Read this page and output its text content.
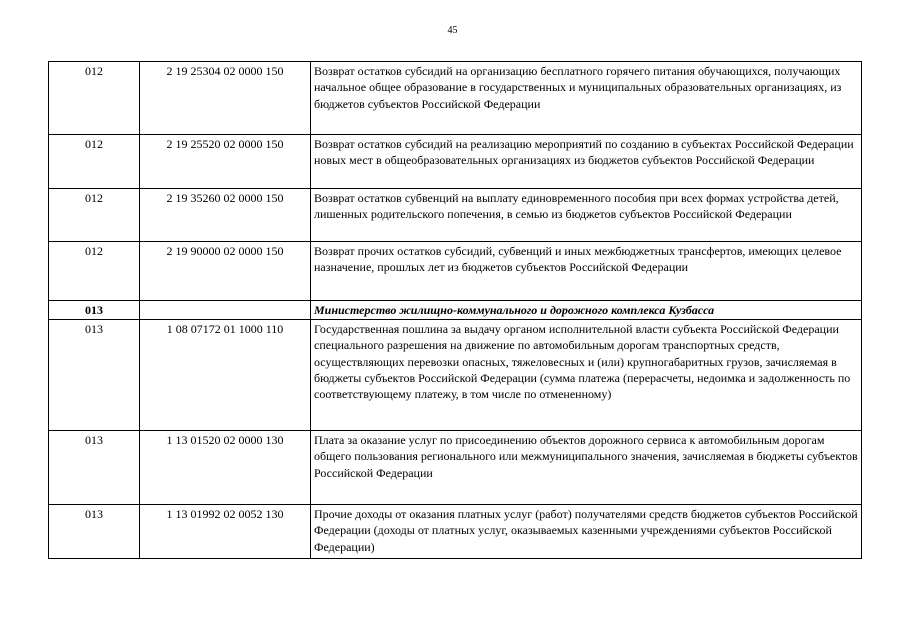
45
012	2 19 25304 02 0000 150	Возврат остатков субсидий на организацию бесплатного горячего питания обучающихся, получающих начальное общее образование в государственных и муниципальных образовательных организациях, из бюджетов субъектов Российской Федерации
012	2 19 25520 02 0000 150	Возврат остатков субсидий на реализацию мероприятий по созданию в субъектах Российской Федерации новых мест в общеобразовательных организациях из бюджетов субъектов Российской Федерации
012	2 19 35260 02 0000 150	Возврат остатков субвенций на выплату единовременного пособия при всех формах устройства детей, лишенных родительского попечения, в семью из бюджетов субъектов Российской Федерации
012	2 19 90000 02 0000 150	Возврат прочих остатков субсидий, субвенций и иных межбюджетных трансфертов, имеющих целевое назначение, прошлых лет из бюджетов субъектов Российской Федерации
013		Министерство жилищно-коммунального и дорожного комплекса Кузбасса
013	1 08 07172 01 1000 110	Государственная пошлина за выдачу органом исполнительной власти субъекта Российской Федерации специального разрешения на движение по автомобильным дорогам транспортных средств, осуществляющих перевозки опасных, тяжеловесных и (или) крупногабаритных грузов, зачисляемая в бюджеты субъектов Российской Федерации (сумма платежа (перерасчеты, недоимка и задолженность по соответствующему платежу, в том числе по отмененному)
013	1 13 01520 02 0000 130	Плата за оказание услуг по присоединению объектов дорожного сервиса к автомобильным дорогам общего пользования регионального или межмуниципального значения, зачисляемая в бюджеты субъектов Российской Федерации
013	1 13 01992 02 0052 130	Прочие доходы от оказания платных услуг (работ) получателями средств бюджетов субъектов Российской Федерации (доходы от платных услуг, оказываемых казенными учреждениями субъектов Российской Федерации)
